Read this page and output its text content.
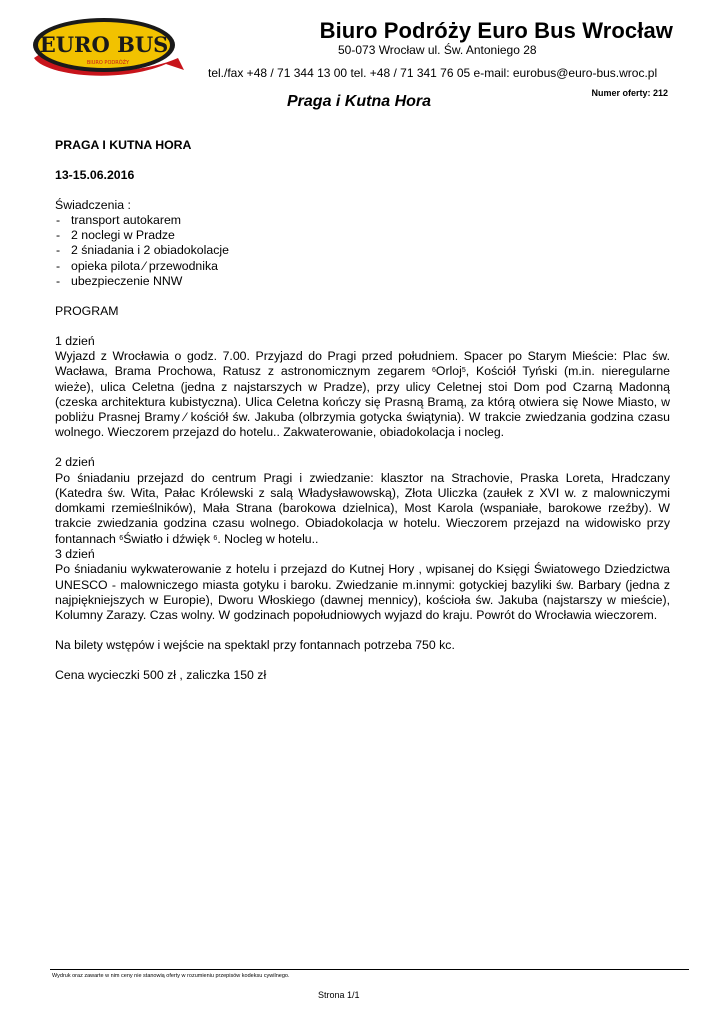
EURO BUS
BIURO PODRÓŻY
Biuro Podróży Euro Bus Wrocław
50-073 Wrocław ul. Św. Antoniego 28
tel./fax +48 / 71 344 13 00 tel. +48 / 71 341 76 05 e-mail: eurobus@euro-bus.wroc.pl
Praga i Kutna Hora	Numer oferty: 212

PRAGA I KUTNA HORA

13-15.06.2016

Świadczenia :

- transport autokarem
- 2 noclegi w Pradze
- 2 śniadania i 2 obiadokolacje
- opieka pilota ⁄ przewodnika
- ubezpieczenie NNW

PROGRAM

1 dzień

Wyjazd z Wrocławia o godz. 7.00. Przyjazd do Pragi przed południem. Spacer po Starym Mieście: Plac św. Wacława, Brama Prochowa, Ratusz z astronomicznym zegarem $^6$Orloj$^5$, Kościół Tyński (m.in. nieregularne wieże), ulica Celetna (jedna z najstarszych w Pradze), przy ulicy Celetnej stoi Dom pod Czarną Madonną (czeska architektura kubistyczna). Ulica Celetna kończy się Prasną Bramą, za którą otwiera się Nowe Miasto, w pobliżu Prasnej Bramy ⁄ kościół św. Jakuba (olbrzymia gotycka świątynia). W trakcie zwiedzania godzina czasu wolnego. Wieczorem przejazd do hotelu.. Zakwaterowanie, obiadokolacja i nocleg.

2 dzień

Po śniadaniu przejazd do centrum Pragi i zwiedzanie: klasztor na Strachovie, Praska Loreta, Hradczany (Katedra św. Wita, Pałac Królewski z salą Władysławowską), Złota Uliczka (zaułek z XVI w. z malowniczymi domkami rzemieślników), Mała Strana (barokowa dzielnica), Most Karola (wspaniałe, barokowe rzeźby). W trakcie zwiedzania godzina czasu wolnego. Obiadokolacja w hotelu. Wieczorem przejazd na widowisko przy fontannach $^6$Światło i dźwięk $^6$. Nocleg w hotelu..

3 dzień

Po śniadaniu wykwaterowanie z hotelu i przejazd do Kutnej Hory , wpisanej do Księgi Światowego Dziedzictwa UNESCO - malowniczego miasta gotyku i baroku. Zwiedzanie m.innymi: gotyckiej bazyliki św. Barbary (jedna z najpiękniejszych w Europie), Dworu Włoskiego (dawnej mennicy), kościoła św. Jakuba (najstarszy w mieście), Kolumny Zarazy. Czas wolny. W godzinach popołudniowych wyjazd do kraju. Powrót do Wrocławia wieczorem.

Na bilety wstępów i wejście na spektakl przy fontannach potrzeba 750 kc.

Cena wycieczki 500 zł , zaliczka 150 zł

Wydruk oraz zawarte w nim ceny nie stanowią oferty w rozumieniu przepisów kodeksu cywilnego.
Strona 1/1
